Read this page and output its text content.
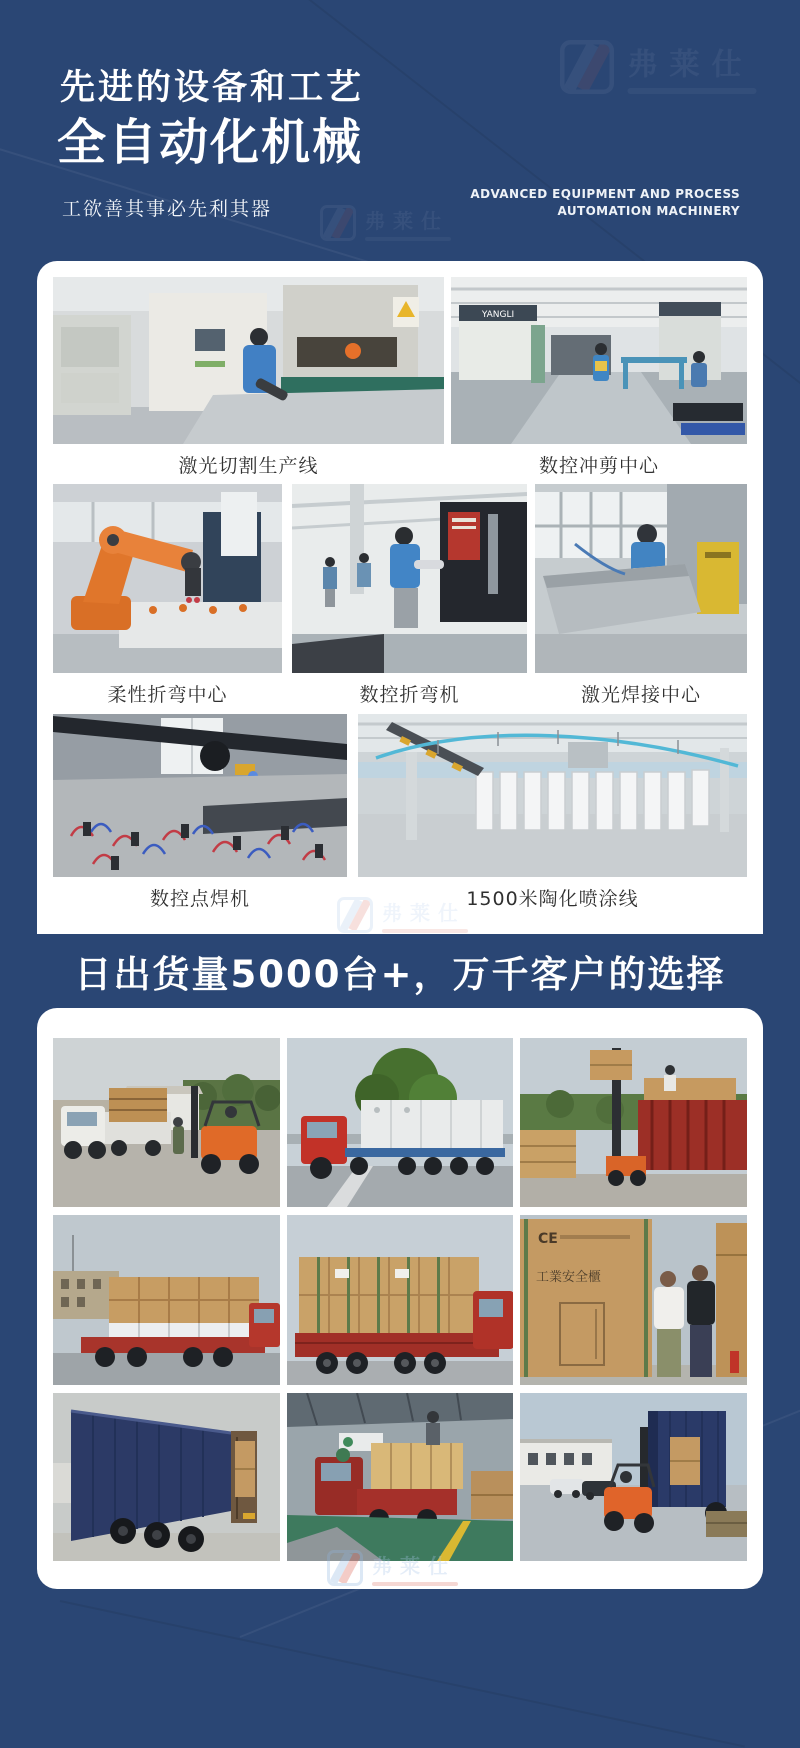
弗莱仕
弗莱仕
先进的设备和工艺
全自动化机械
工欲善其事必先利其器
ADVANCED EQUIPMENT AND PROCESS
AUTOMATION MACHINERY
YANGLI
激光切割生产线	数控冲剪中心
柔性折弯中心	数控折弯机	激光焊接中心
数控点焊机	1500米陶化喷涂线
弗莱仕
日出货量5000台+，万千客户的选择
CE
工業安全櫃
弗莱仕
